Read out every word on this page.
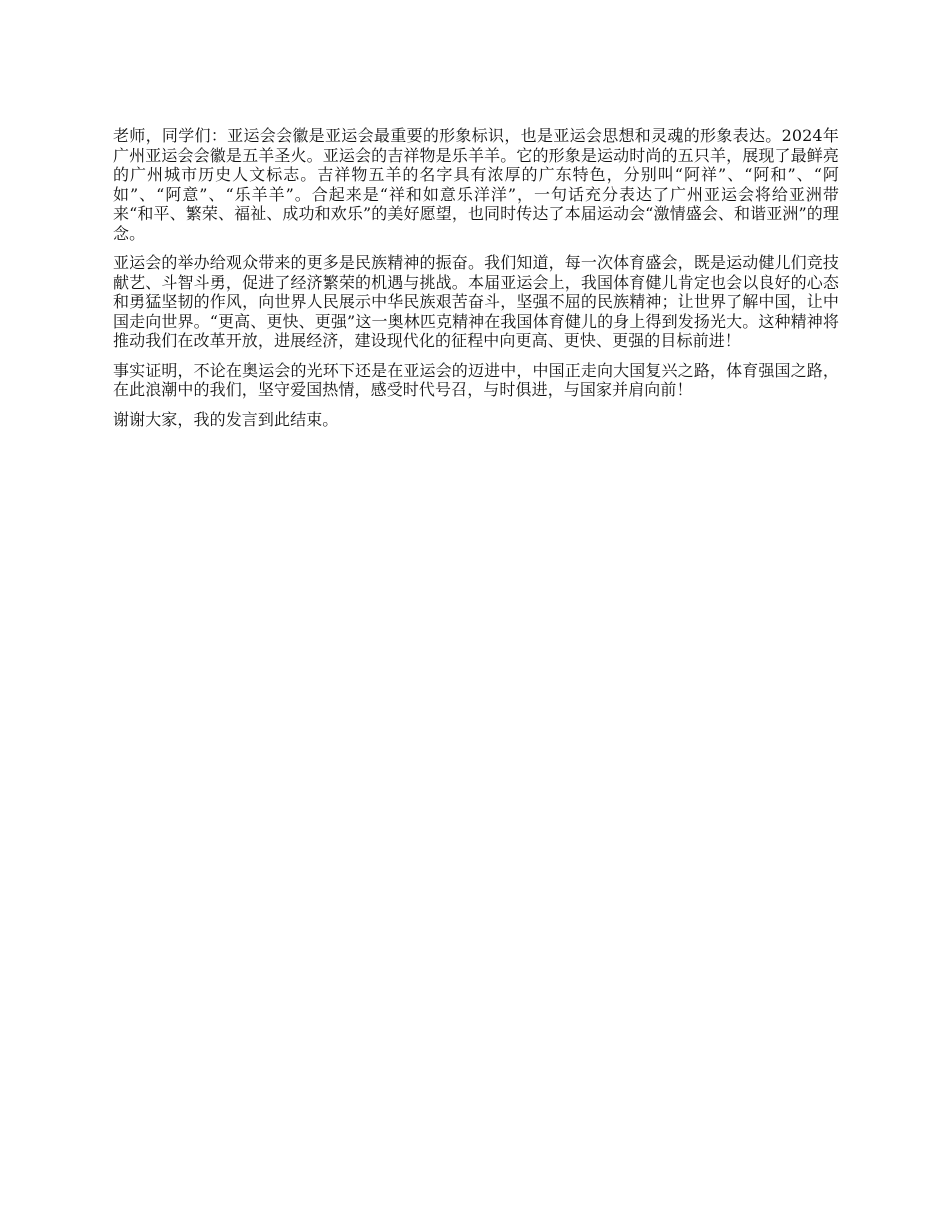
老师，同学们：亚运会会徽是亚运会最重要的形象标识，也是亚运会思想和灵魂的形象表达。2024年广州亚运会会徽是五羊圣火。亚运会的吉祥物是乐羊羊。它的形象是运动时尚的五只羊，展现了最鲜亮的广州城市历史人文标志。吉祥物五羊的名字具有浓厚的广东特色，分别叫“阿祥”、“阿和”、“阿如”、“阿意”、“乐羊羊”。合起来是“祥和如意乐洋洋”，一句话充分表达了广州亚运会将给亚洲带来“和平、繁荣、福祉、成功和欢乐”的美好愿望，也同时传达了本届运动会“激情盛会、和谐亚洲”的理念。

亚运会的举办给观众带来的更多是民族精神的振奋。我们知道，每一次体育盛会，既是运动健儿们竞技献艺、斗智斗勇，促进了经济繁荣的机遇与挑战。本届亚运会上，我国体育健儿肯定也会以良好的心态和勇猛坚韧的作风，向世界人民展示中华民族艰苦奋斗，坚强不屈的民族精神；让世界了解中国，让中国走向世界。“更高、更快、更强”这一奥林匹克精神在我国体育健儿的身上得到发扬光大。这种精神将推动我们在改革开放，进展经济，建设现代化的征程中向更高、更快、更强的目标前进！

事实证明，不论在奥运会的光环下还是在亚运会的迈进中，中国正走向大国复兴之路，体育强国之路，在此浪潮中的我们，坚守爱国热情，感受时代号召，与时俱进，与国家并肩向前！

谢谢大家，我的发言到此结束。
